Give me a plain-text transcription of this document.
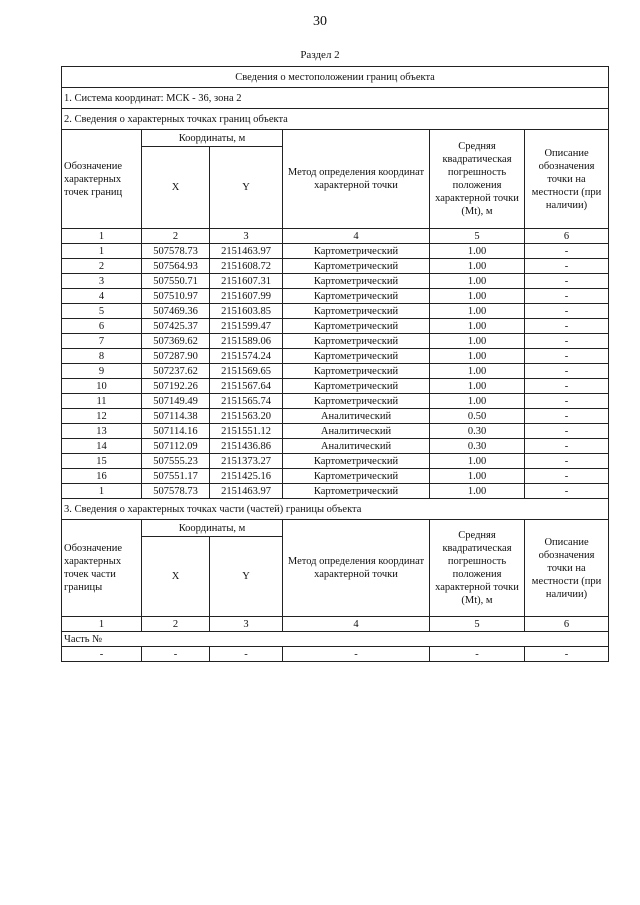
30
Раздел 2
Сведения о местоположении границ объекта					
1. Система координат: МСК - 36, зона 2					
2. Сведения о характерных точках границ объекта					
Обозначение характерных точек границ	Координаты, м		Метод определения координат характерной точки	Средняя квадратическая погрешность положения характерной точки (Mt), м	Описание обозначения точки на местности (при наличии)
	X	Y			
1	2	3	4	5	6
1	507578.73	2151463.97	Картометрический	1.00	-
2	507564.93	2151608.72	Картометрический	1.00	-
3	507550.71	2151607.31	Картометрический	1.00	-
4	507510.97	2151607.99	Картометрический	1.00	-
5	507469.36	2151603.85	Картометрический	1.00	-
6	507425.37	2151599.47	Картометрический	1.00	-
7	507369.62	2151589.06	Картометрический	1.00	-
8	507287.90	2151574.24	Картометрический	1.00	-
9	507237.62	2151569.65	Картометрический	1.00	-
10	507192.26	2151567.64	Картометрический	1.00	-
11	507149.49	2151565.74	Картометрический	1.00	-
12	507114.38	2151563.20	Аналитический	0.50	-
13	507114.16	2151551.12	Аналитический	0.30	-
14	507112.09	2151436.86	Аналитический	0.30	-
15	507555.23	2151373.27	Картометрический	1.00	-
16	507551.17	2151425.16	Картометрический	1.00	-
1	507578.73	2151463.97	Картометрический	1.00	-
3. Сведения о характерных точках части (частей) границы объекта					
Обозначение характерных точек части границы	Координаты, м		Метод определения координат характерной точки	Средняя квадратическая погрешность положения характерной точки (Mt), м	Описание обозначения точки на местности (при наличии)
	X	Y			
1	2	3	4	5	6
Часть №					
-	-	-	-	-	-
